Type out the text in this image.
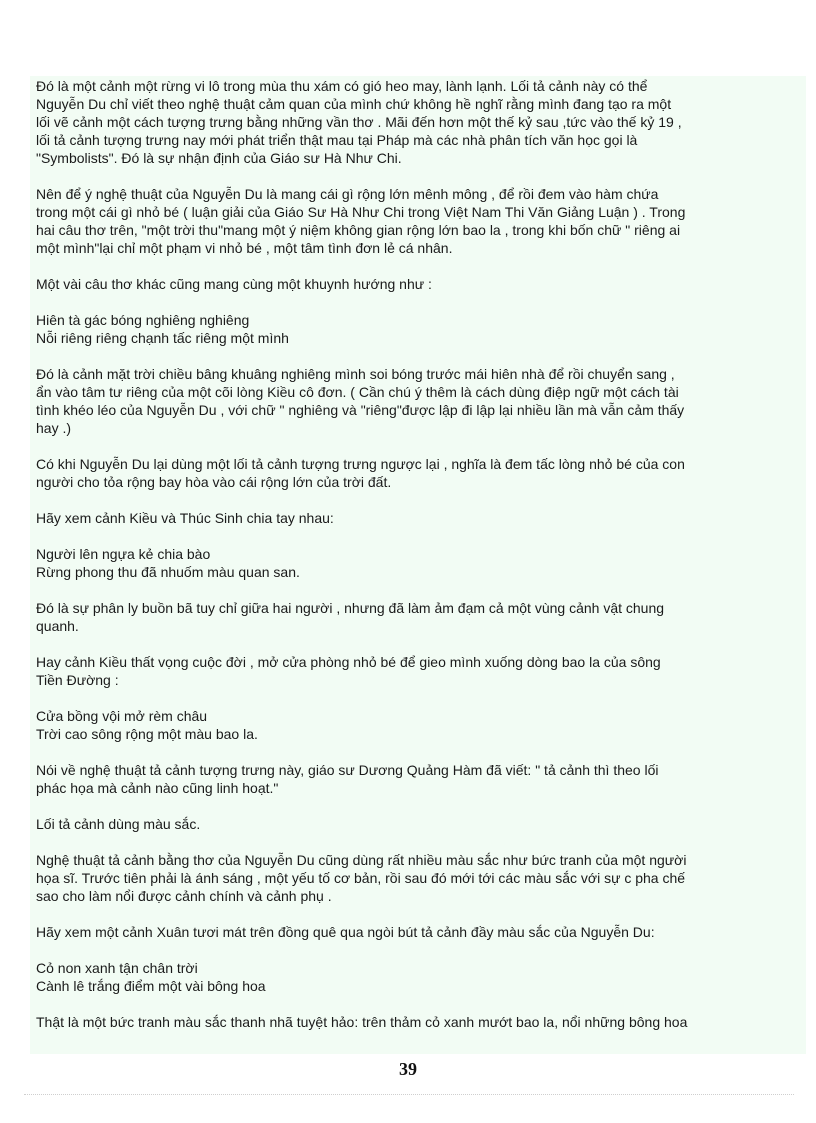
Đó là một cảnh một rừng vi lô trong mùa thu xám có gió heo may, lành lạnh. Lối tả cảnh này có thể
Nguyễn Du chỉ viết theo nghệ thuật cảm quan của mình chứ không hề nghĩ rằng mình đang tạo ra một
lối vẽ cảnh một cách tượng trưng bằng những vần thơ . Mãi đến hơn một thế kỷ sau ,tức vào thế kỷ 19 ,
lối tả cảnh tượng trưng nay mới phát triển thật mau tại Pháp mà các nhà phân tích văn học gọi là
"Symbolists". Đó là sự nhận định của Giáo sư Hà Như Chi.

Nên để ý nghệ thuật của Nguyễn Du là mang cái gì rộng lớn mênh mông , để rồi đem vào hàm chứa
trong một cái gì nhỏ bé ( luận giải của Giáo Sư Hà Như Chi trong Việt Nam Thi Văn Giảng Luận ) . Trong
hai câu thơ trên, "một trời thu"mang một ý niệm không gian rộng lớn bao la , trong khi bốn chữ " riêng ai
một mình"lại chỉ một phạm vi nhỏ bé , một tâm tình đơn lẻ cá nhân.

Một vài câu thơ khác cũng mang cùng một khuynh hướng như :

Hiên tà gác bóng nghiêng nghiêng
Nỗi riêng riêng chạnh tấc riêng một mình

Đó là cảnh mặt trời chiều bâng khuâng nghiêng mình soi bóng trước mái hiên nhà để rồi chuyển sang ,
ẩn vào tâm tư riêng của một cõi lòng Kiều cô đơn. ( Cần chú ý thêm là cách dùng điệp ngữ một cách tài
tình khéo léo của Nguyễn Du , với chữ " nghiêng và "riêng"được lập đi lập lại nhiều lần mà vẫn cảm thấy
hay .)

Có khi Nguyễn Du lại dùng một lối tả cảnh tượng trưng ngược lại , nghĩa là đem tấc lòng nhỏ bé của con
người cho tỏa rộng bay hòa vào cái rộng lớn của trời đất.

Hãy xem cảnh Kiều và Thúc Sinh chia tay nhau:

Người lên ngựa kẻ chia bào
Rừng phong thu đã nhuốm màu quan san.

Đó là sự phân ly buồn bã tuy chỉ giữa hai người , nhưng đã làm ảm đạm cả một vùng cảnh vật chung
quanh.

Hay cảnh Kiều thất vọng cuộc đời , mở cửa phòng nhỏ bé để gieo mình xuống dòng bao la của sông
Tiền Đường :

Cửa bồng vội mở rèm châu
Trời cao sông rộng một màu bao la.

Nói về nghệ thuật tả cảnh tượng trưng này, giáo sư Dương Quảng Hàm đã viết: " tả cảnh thì theo lối
phác họa mà cảnh nào cũng linh hoạt."

Lối tả cảnh dùng màu sắc.

Nghệ thuật tả cảnh bằng thơ của Nguyễn Du cũng dùng rất nhiều màu sắc như bức tranh của một người
họa sĩ. Trước tiên phải là ánh sáng , một yếu tố cơ bản, rồi sau đó mới tới các màu sắc với sự c pha chế
sao cho làm nổi được cảnh chính và cảnh phụ .

Hãy xem một cảnh Xuân tươi mát trên đồng quê qua ngòi bút tả cảnh đầy màu sắc của Nguyễn Du:

Cỏ non xanh tận chân trời
Cành lê trắng điểm một vài bông hoa

Thật là một bức tranh màu sắc thanh nhã tuyệt hảo: trên thảm cỏ xanh mướt bao la, nổi những bông hoa

39
